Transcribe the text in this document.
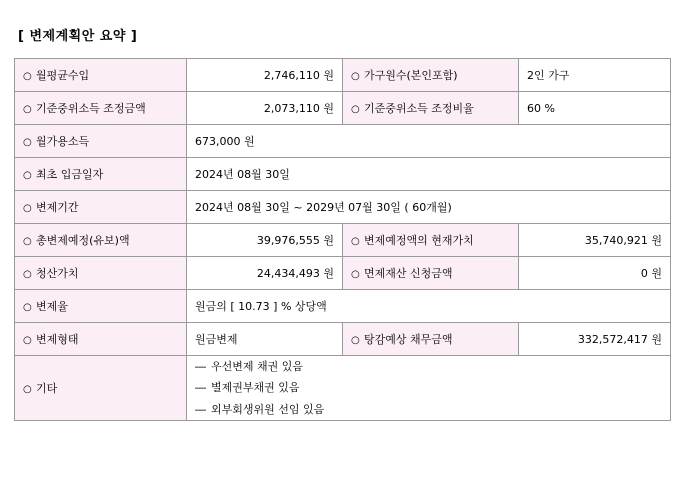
[ 변제계획안 요약 ]
○ 월평균수입	2,746,110 원	○ 가구원수(본인포함)	2인 가구
○ 기준중위소득 조정금액	2,073,110 원	○ 기준중위소득 조정비율	60 %
○ 월가용소득	673,000 원		
○ 최초 입금일자	2024년 08월 30일		
○ 변제기간	2024년 08월 30일 ~ 2029년 07월 30일 ( 60개월)		
○ 총변제예정(유보)액	39,976,555 원	○ 변제예정액의 현재가치	35,740,921 원
○ 청산가치	24,434,493 원	○ 면제재산 신청금액	0 원
○ 변제율	원금의 [ 10.73 ] % 상당액		
○ 변제형태	원금변제	○ 탕감예상 채무금액	332,572,417 원
○ 기타	― 우선변제 채권 있음
― 별제권부채권 있음
― 외부회생위원 선임 있음		
